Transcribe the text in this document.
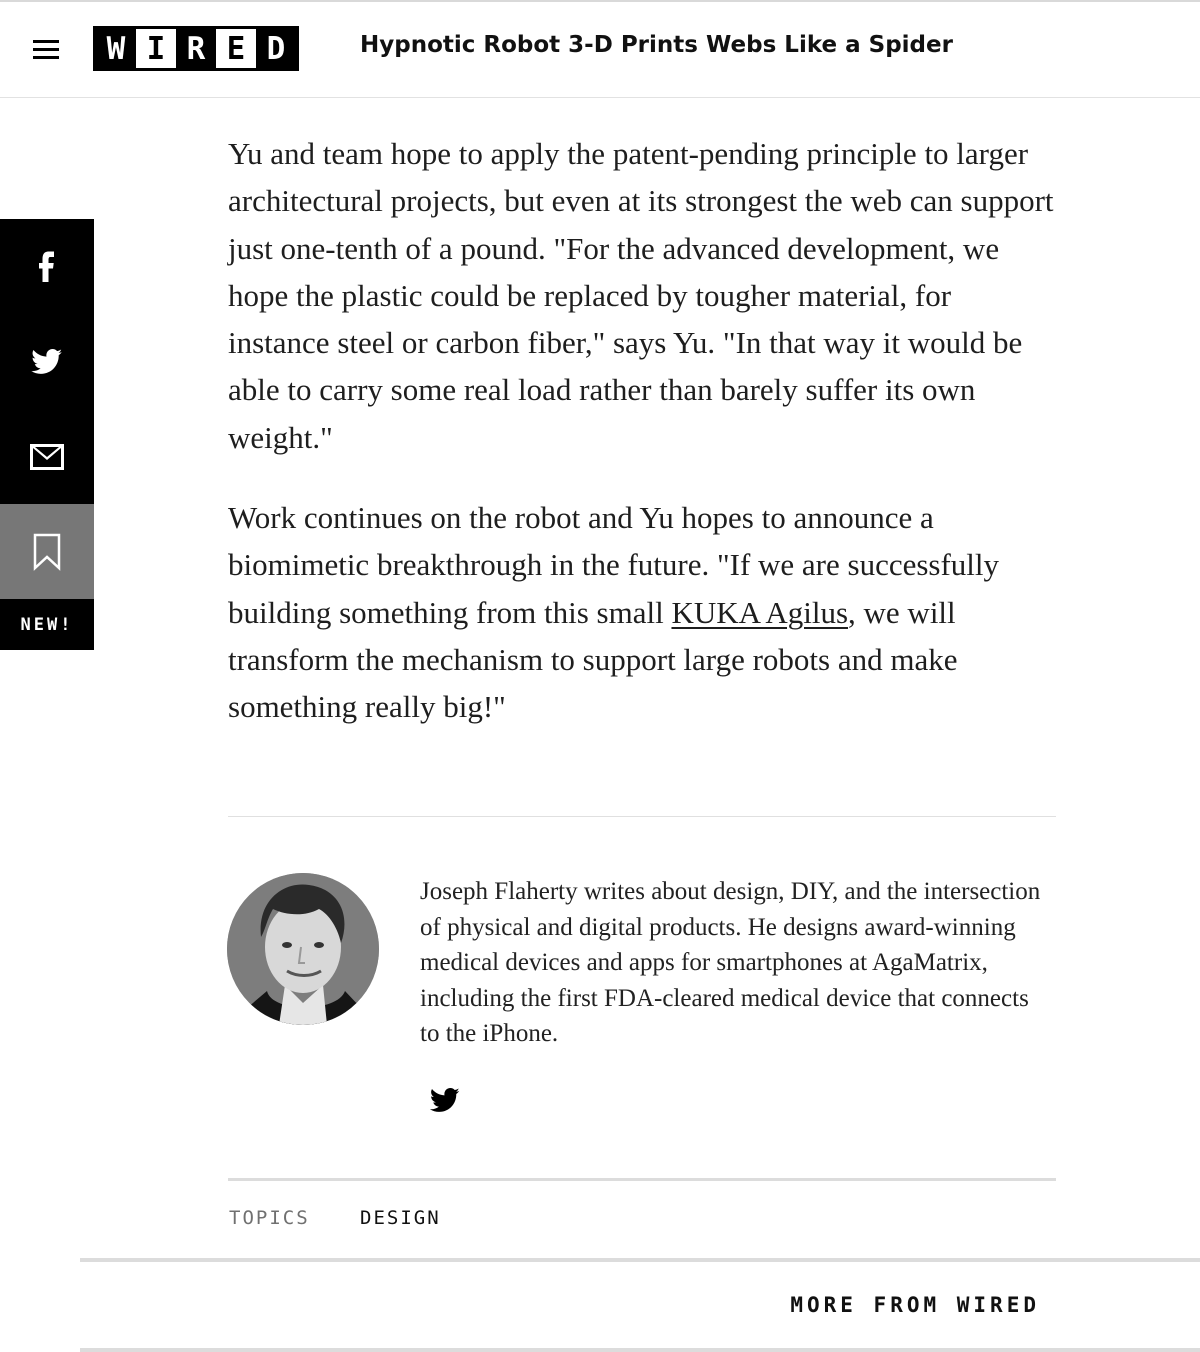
W I R E D	Hypnotic Robot 3-D Prints Webs Like a Spider
NEW!

Yu and team hope to apply the patent-pending principle to larger architectural projects, but even at its strongest the web can support just one-tenth of a pound. "For the advanced development, we hope the plastic could be replaced by tougher material, for instance steel or carbon fiber," says Yu. "In that way it would be able to carry some real load rather than barely suffer its own weight."

Work continues on the robot and Yu hopes to announce a biomimetic breakthrough in the future. "If we are successfully building something from this small KUKA Agilus, we will transform the mechanism to support large robots and make something really big!"

Joseph Flaherty writes about design, DIY, and the intersection of physical and digital products. He designs award-winning medical devices and apps for smartphones at AgaMatrix, including the first FDA-cleared medical device that connects to the iPhone.
TOPICS	DESIGN
MORE FROM WIRED
